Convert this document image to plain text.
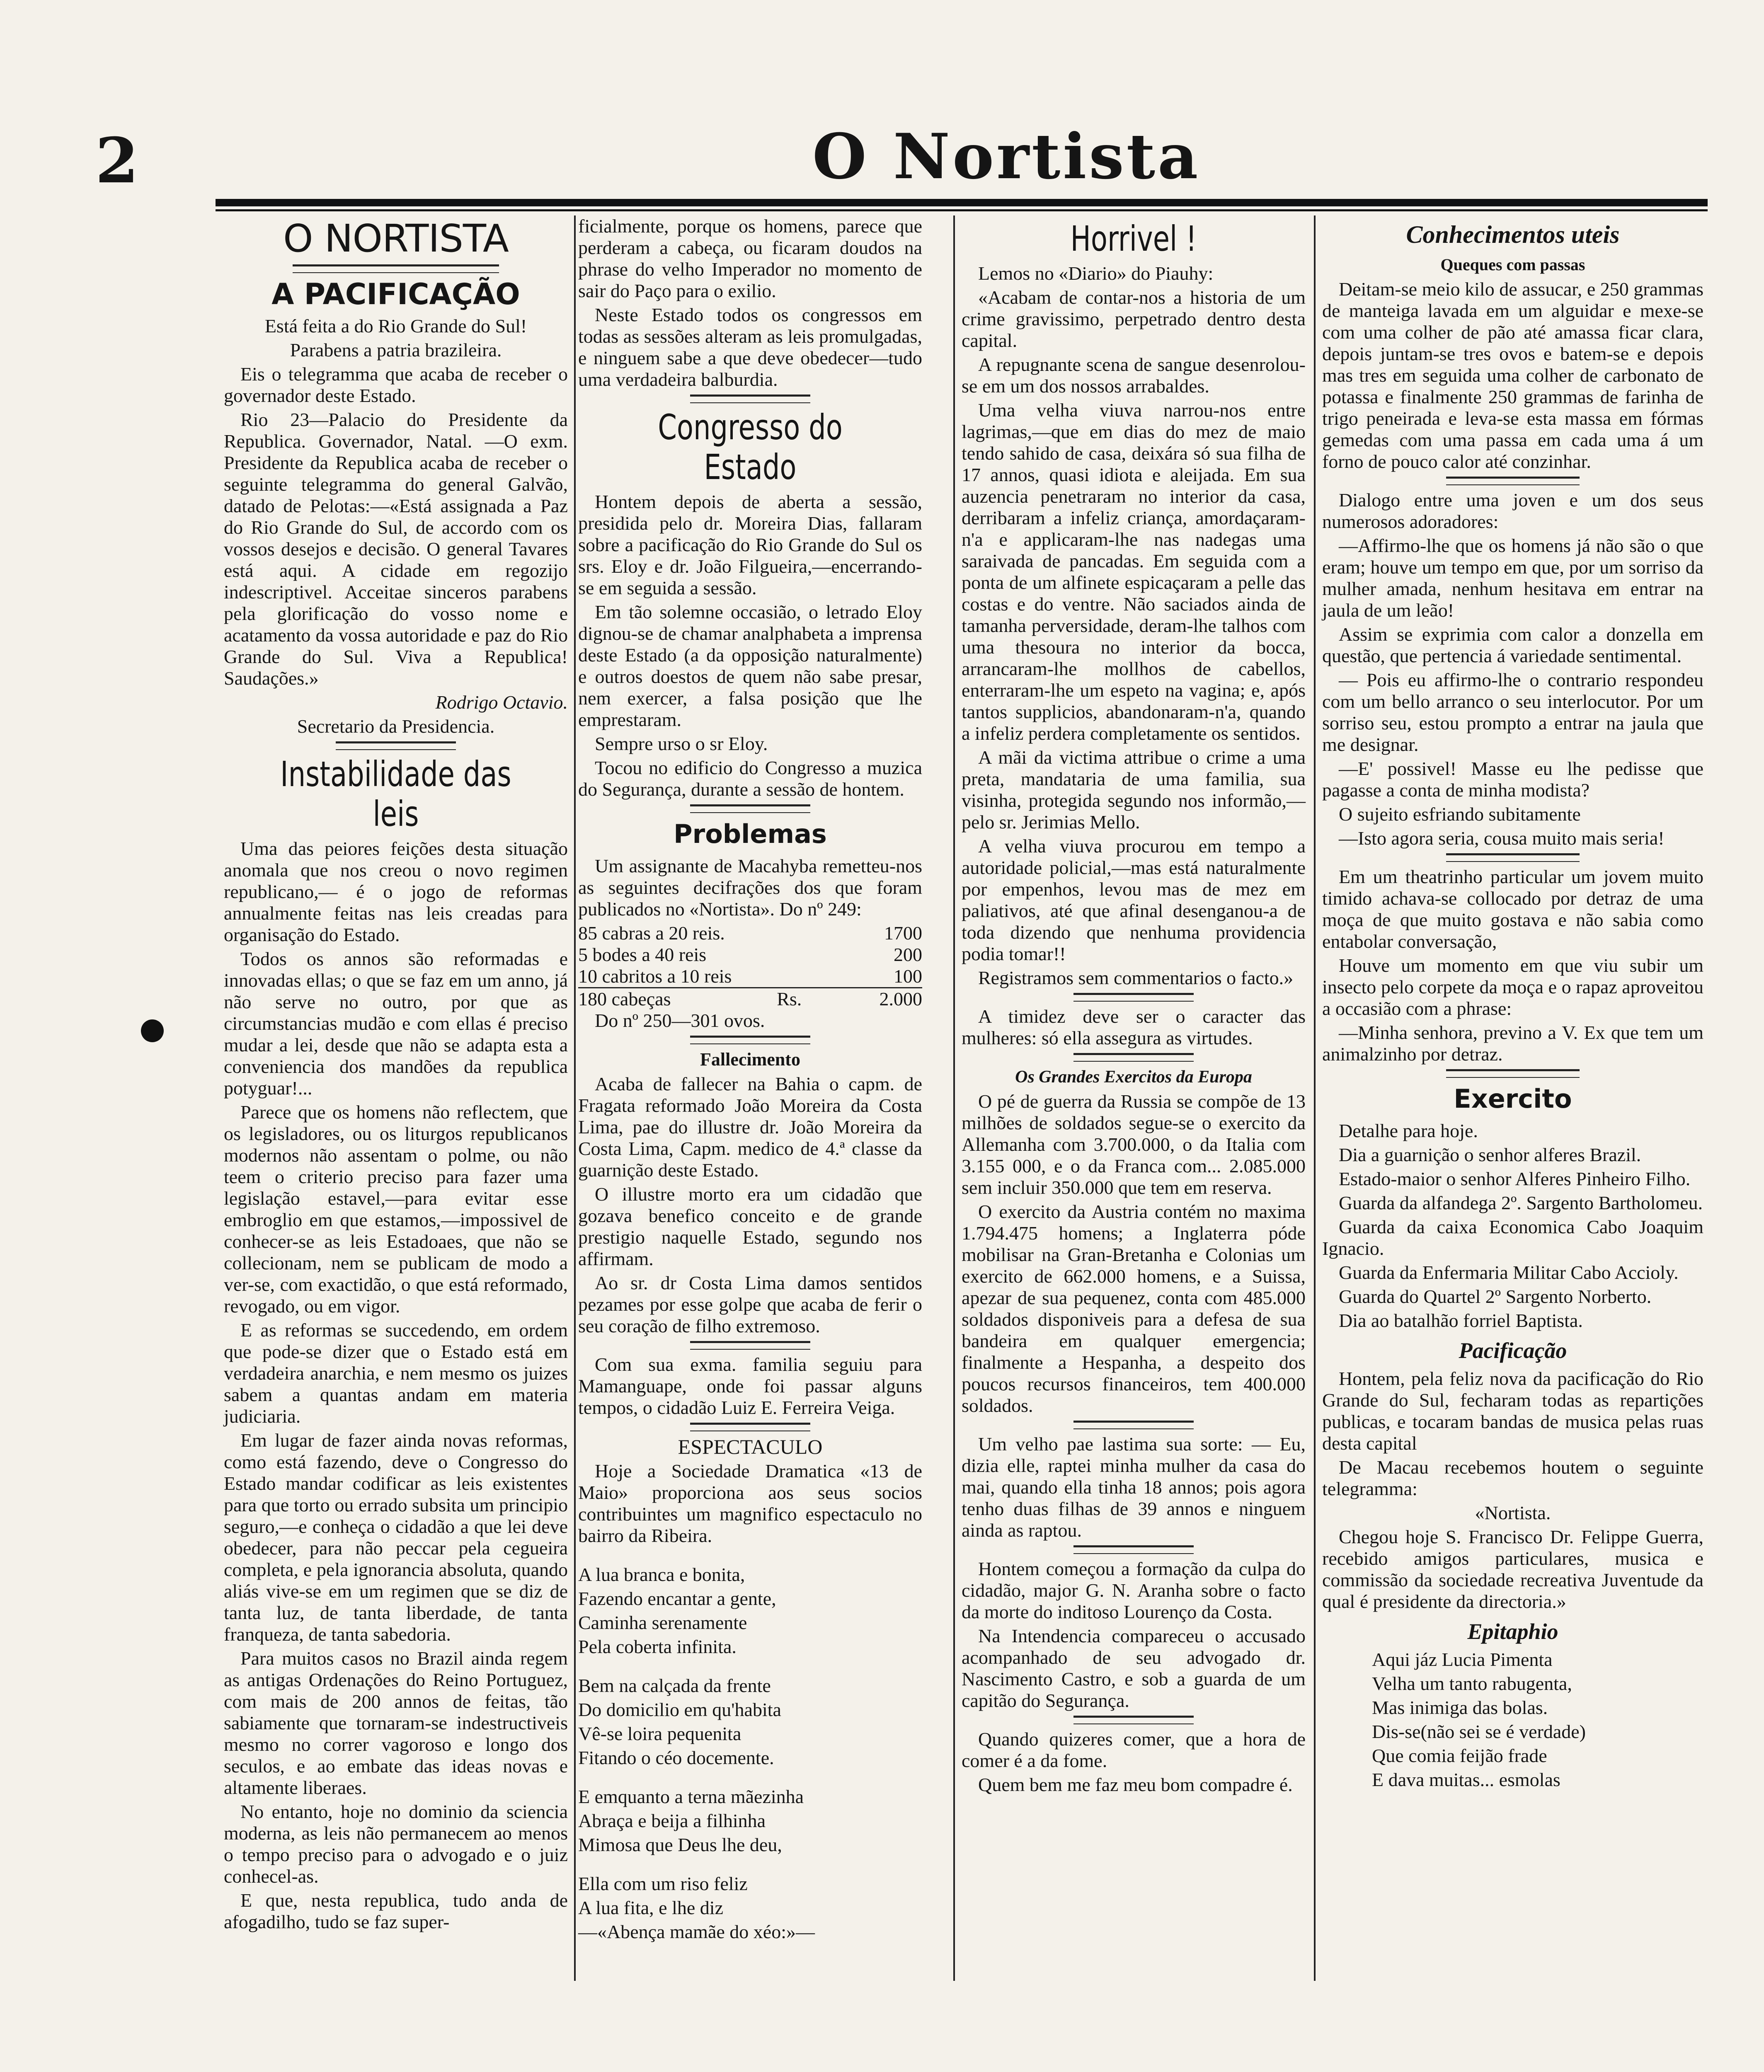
2	O Nortista
O NORTISTA
A PACIFICAÇÃO

Está feita a do Rio Grande do Sul!

Parabens a patria brazileira.

Eis o telegramma que acaba de receber o governador deste Estado.

Rio 23—Palacio do Presidente da Republica. Governador, Natal. —O exm. Presidente da Republica acaba de receber o seguinte telegramma do general Galvão, datado de Pelotas:—«Está assignada a Paz do Rio Grande do Sul, de accordo com os vossos desejos e decisão. O general Tavares está aqui. A cidade em regozijo indescriptivel. Acceitae sinceros parabens pela glorificação do vosso nome e acatamento da vossa autoridade e paz do Rio Grande do Sul. Viva a Republica! Saudações.»

Rodrigo Octavio.

Secretario da Presidencia.

Instabilidade das leis

Uma das peiores feições desta situação anomala que nos creou o novo regimen republicano,— é o jogo de reformas annualmente feitas nas leis creadas para organisação do Estado.

Todos os annos são reformadas e innovadas ellas; o que se faz em um anno, já não serve no outro, por que as circumstancias mudão e com ellas é preciso mudar a lei, desde que não se adapta esta a conveniencia dos mandões da republica potyguar!...

Parece que os homens não reflectem, que os legisladores, ou os liturgos republicanos modernos não assentam o polme, ou não teem o criterio preciso para fazer uma legislação estavel,—para evitar esse embroglio em que estamos,—impossivel de conhecer-se as leis Estadoaes, que não se collecionam, nem se publicam de modo a ver-se, com exactidão, o que está reformado, revogado, ou em vigor.

E as reformas se succedendo, em ordem que pode-se dizer que o Estado está em verdadeira anarchia, e nem mesmo os juizes sabem a quantas andam em materia judiciaria.

Em lugar de fazer ainda novas reformas, como está fazendo, deve o Congresso do Estado mandar codificar as leis existentes para que torto ou errado subsita um principio seguro,—e conheça o cidadão a que lei deve obedecer, para não peccar pela cegueira completa, e pela ignorancia absoluta, quando aliás vive-se em um regimen que se diz de tanta luz, de tanta liberdade, de tanta franqueza, de tanta sabedoria.

Para muitos casos no Brazil ainda regem as antigas Ordenações do Reino Portuguez, com mais de 200 annos de feitas, tão sabiamente que tornaram-se indestructiveis mesmo no correr vagoroso e longo dos seculos, e ao embate das ideas novas e altamente liberaes.

No entanto, hoje no dominio da sciencia moderna, as leis não permanecem ao menos o tempo preciso para o advogado e o juiz conhecel-as.

E que, nesta republica, tudo anda de afogadilho, tudo se faz super-

ficialmente, porque os homens, parece que perderam a cabeça, ou ficaram doudos na phrase do velho Imperador no momento de sair do Paço para o exilio.

Neste Estado todos os congressos em todas as sessões alteram as leis promulgadas, e ninguem sabe a que deve obedecer—tudo uma verdadeira balburdia.

Congresso do Estado

Hontem depois de aberta a sessão, presidida pelo dr. Moreira Dias, fallaram sobre a pacificação do Rio Grande do Sul os srs. Eloy e dr. João Filgueira,—encerrando-se em seguida a sessão.

Em tão solemne occasião, o letrado Eloy dignou-se de chamar analphabeta a imprensa deste Estado (a da opposição naturalmente) e outros doestos de quem não sabe presar, nem exercer, a falsa posição que lhe emprestaram.

Sempre urso o sr Eloy.

Tocou no edificio do Congresso a muzica do Segurança, durante a sessão de hontem.

Problemas

Um assignante de Macahyba remetteu-nos as seguintes decifrações dos que foram publicados no «Nortista». Do nº 249:

85 cabras a 20 reis.	1700
5 bodes a 40 reis	200
10 cabritos a 10 reis	100
180 cabeças	Rs.	2.000

Do nº 250—301 ovos.

Fallecimento

Acaba de fallecer na Bahia o capm. de Fragata reformado João Moreira da Costa Lima, pae do illustre dr. João Moreira da Costa Lima, Capm. medico de 4.ª classe da guarnição deste Estado.

O illustre morto era um cidadão que gozava benefico conceito e de grande prestigio naquelle Estado, segundo nos affirmam.

Ao sr. dr Costa Lima damos sentidos pezames por esse golpe que acaba de ferir o seu coração de filho extremoso.

Com sua exma. familia seguiu para Mamanguape, onde foi passar alguns tempos, o cidadão Luiz E. Ferreira Veiga.

ESPECTACULO

Hoje a Sociedade Dramatica «13 de Maio» proporciona aos seus socios contribuintes um magnifico espectaculo no bairro da Ribeira.

A lua branca e bonita,

Fazendo encantar a gente,

Caminha serenamente

Pela coberta infinita.

Bem na calçada da frente

Do domicilio em qu'habita

Vê-se loira pequenita

Fitando o céo docemente.

E emquanto a terna mãezinha

Abraça e beija a filhinha

Mimosa que Deus lhe deu,

Ella com um riso feliz

A lua fita, e lhe diz

—«Abença mamãe do xéo:»—

Horrivel !

Lemos no «Diario» do Piauhy:

«Acabam de contar-nos a historia de um crime gravissimo, perpetrado dentro desta capital.

A repugnante scena de sangue desenrolou-se em um dos nossos arrabaldes.

Uma velha viuva narrou-nos entre lagrimas,—que em dias do mez de maio tendo sahido de casa, deixára só sua filha de 17 annos, quasi idiota e aleijada. Em sua auzencia penetraram no interior da casa, derribaram a infeliz criança, amordaçaram-n'a e applicaram-lhe nas nadegas uma saraivada de pancadas. Em seguida com a ponta de um alfinete espicaçaram a pelle das costas e do ventre. Não saciados ainda de tamanha perversidade, deram-lhe talhos com uma thesoura no interior da bocca, arrancaram-lhe mollhos de cabellos, enterraram-lhe um espeto na vagina; e, após tantos supplicios, abandonaram-n'a, quando a infeliz perdera completamente os sentidos.

A mãi da victima attribue o crime a uma preta, mandataria de uma familia, sua visinha, protegida segundo nos informão,—pelo sr. Jerimias Mello.

A velha viuva procurou em tempo a autoridade policial,—mas está naturalmente por empenhos, levou mas de mez em paliativos, até que afinal desenganou-a de toda dizendo que nenhuma providencia podia tomar!!

Registramos sem commentarios o facto.»

A timidez deve ser o caracter das mulheres: só ella assegura as virtudes.

Os Grandes Exercitos da Europa

O pé de guerra da Russia se compõe de 13 milhões de soldados segue-se o exercito da Allemanha com 3.700.000, o da Italia com 3.155 000, e o da Franca com... 2.085.000 sem incluir 350.000 que tem em reserva.

O exercito da Austria contém no maxima 1.794.475 homens; a Inglaterra póde mobilisar na Gran-Bretanha e Colonias um exercito de 662.000 homens, e a Suissa, apezar de sua pequenez, conta com 485.000 soldados disponiveis para a defesa de sua bandeira em qualquer emergencia; finalmente a Hespanha, a despeito dos poucos recursos financeiros, tem 400.000 soldados.

Um velho pae lastima sua sorte: — Eu, dizia elle, raptei minha mulher da casa do mai, quando ella tinha 18 annos; pois agora tenho duas filhas de 39 annos e ninguem ainda as raptou.

Hontem começou a formação da culpa do cidadão, major G. N. Aranha sobre o facto da morte do inditoso Lourenço da Costa.

Na Intendencia compareceu o accusado acompanhado de seu advogado dr. Nascimento Castro, e sob a guarda de um capitão do Segurança.

Quando quizeres comer, que a hora de comer é a da fome.

Quem bem me faz meu bom compadre é.

Conhecimentos uteis
Queques com passas

Deitam-se meio kilo de assucar, e 250 grammas de manteiga lavada em um alguidar e mexe-se com uma colher de pão até amassa ficar clara, depois juntam-se tres ovos e batem-se e depois mas tres em seguida uma colher de carbonato de potassa e finalmente 250 grammas de farinha de trigo peneirada e leva-se esta massa em fórmas gemedas com uma passa em cada uma á um forno de pouco calor até conzinhar.

Dialogo entre uma joven e um dos seus numerosos adoradores:

—Affirmo-lhe que os homens já não são o que eram; houve um tempo em que, por um sorriso da mulher amada, nenhum hesitava em entrar na jaula de um leão!

Assim se exprimia com calor a donzella em questão, que pertencia á variedade sentimental.

— Pois eu affirmo-lhe o contrario respondeu com um bello arranco o seu interlocutor. Por um sorriso seu, estou prompto a entrar na jaula que me designar.

—E' possivel! Masse eu lhe pedisse que pagasse a conta de minha modista?

O sujeito esfriando subitamente

—Isto agora seria, cousa muito mais seria!

Em um theatrinho particular um jovem muito timido achava-se collocado por detraz de uma moça de que muito gostava e não sabia como entabolar conversação,

Houve um momento em que viu subir um insecto pelo corpete da moça e o rapaz aproveitou a occasião com a phrase:

—Minha senhora, previno a V. Ex que tem um animalzinho por detraz.

Exercito

Detalhe para hoje.

Dia a guarnição o senhor alferes Brazil.

Estado-maior o senhor Alferes Pinheiro Filho.

Guarda da alfandega 2º. Sargento Bartholomeu.

Guarda da caixa Economica Cabo Joaquim Ignacio.

Guarda da Enfermaria Militar Cabo Accioly.

Guarda do Quartel 2º Sargento Norberto.

Dia ao batalhão forriel Baptista.

Pacificação

Hontem, pela feliz nova da pacificação do Rio Grande do Sul, fecharam todas as repartições publicas, e tocaram bandas de musica pelas ruas desta capital

De Macau recebemos houtem o seguinte telegramma:

«Nortista.

Chegou hoje S. Francisco Dr. Felippe Guerra, recebido amigos particulares, musica e commissão da sociedade recreativa Juventude da qual é presidente da directoria.»

Epitaphio

Aqui jáz Lucia Pimenta

Velha um tanto rabugenta,

Mas inimiga das bolas.

Dis-se(não sei se é verdade)

Que comia feijão frade

E dava muitas... esmolas
